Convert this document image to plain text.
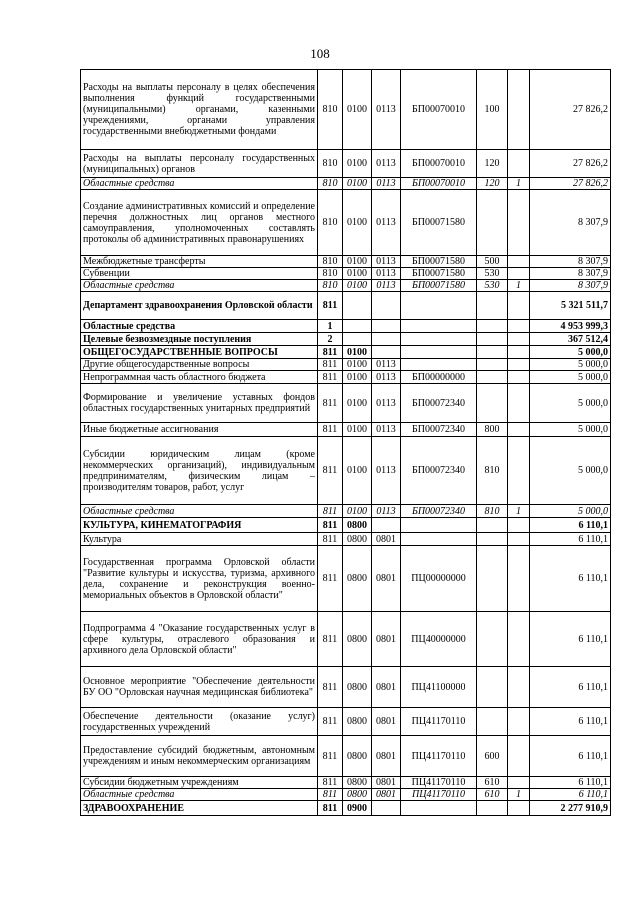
108
Расходы на выплаты персоналу в целях обеспечения выполнения функций государственными (муниципальными) органами, казенными учреждениями, органами управления государственными внебюджетными фондами	810	0100	0113	БП00070010	100		27 826,2
Расходы на выплаты персоналу государственных (муниципальных) органов	810	0100	0113	БП00070010	120		27 826,2
Областные средства	810	0100	0113	БП00070010	120	1	27 826,2
Создание административных комиссий и определение перечня должностных лиц органов местного самоуправления, уполномоченных составлять протоколы об административных правонарушениях	810	0100	0113	БП00071580			8 307,9
Межбюджетные трансферты	810	0100	0113	БП00071580	500		8 307,9
Субвенции	810	0100	0113	БП00071580	530		8 307,9
Областные средства	810	0100	0113	БП00071580	530	1	8 307,9
Департамент здравоохранения Орловской области	811						5 321 511,7
Областные средства	1						4 953 999,3
Целевые безвозмездные поступления	2						367 512,4
ОБЩЕГОСУДАРСТВЕННЫЕ ВОПРОСЫ	811	0100					5 000,0
Другие общегосударственные вопросы	811	0100	0113				5 000,0
Непрограммная часть областного бюджета	811	0100	0113	БП00000000			5 000,0
Формирование и увеличение уставных фондов областных государственных унитарных предприятий	811	0100	0113	БП00072340			5 000,0
Иные бюджетные ассигнования	811	0100	0113	БП00072340	800		5 000,0
Субсидии юридическим лицам (кроме некоммерческих организаций), индивидуальным предпринимателям, физическим лицам – производителям товаров, работ, услуг	811	0100	0113	БП00072340	810		5 000,0
Областные средства	811	0100	0113	БП00072340	810	1	5 000,0
КУЛЬТУРА, КИНЕМАТОГРАФИЯ	811	0800					6 110,1
Культура	811	0800	0801				6 110,1
Государственная программа Орловской области "Развитие культуры и искусства, туризма, архивного дела, сохранение и реконструкция военно-мемориальных объектов в Орловской области"	811	0800	0801	ПЦ00000000			6 110,1
Подпрограмма 4 "Оказание государственных услуг в сфере культуры, отраслевого образования и архивного дела Орловской области"	811	0800	0801	ПЦ40000000			6 110,1
Основное мероприятие "Обеспечение деятельности БУ ОО "Орловская научная медицинская библиотека"	811	0800	0801	ПЦ41100000			6 110,1
Обеспечение деятельности (оказание услуг) государственных учреждений	811	0800	0801	ПЦ41170110			6 110,1
Предоставление субсидий бюджетным, автономным учреждениям и иным некоммерческим организациям	811	0800	0801	ПЦ41170110	600		6 110,1
Субсидии бюджетным учреждениям	811	0800	0801	ПЦ41170110	610		6 110,1
Областные средства	811	0800	0801	ПЦ41170110	610	1	6 110,1
ЗДРАВООХРАНЕНИЕ	811	0900					2 277 910,9
